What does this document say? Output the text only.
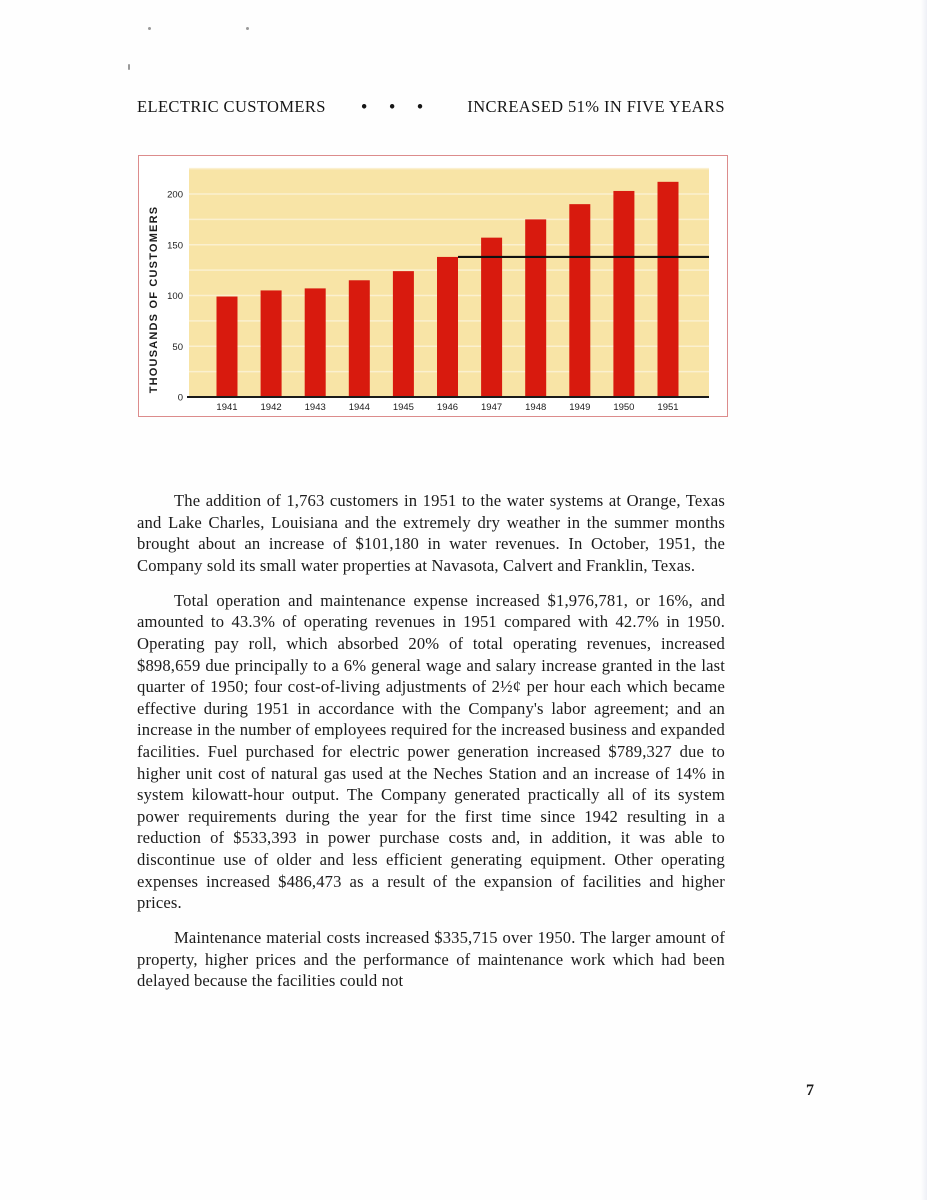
ELECTRIC CUSTOMERS • • • INCREASED 51% IN FIVE YEARS
1941 1942 1943 1944 1945 1946 1947 1948 1949 1950 1951
0
50
100
150
200
THOUSANDS OF CUSTOMERS

The addition of 1,763 customers in 1951 to the water systems at Orange, Texas and Lake Charles, Louisiana and the extremely dry weather in the summer months brought about an increase of $101,180 in water revenues. In October, 1951, the Company sold its small water properties at Navasota, Calvert and Franklin, Texas.

Total operation and maintenance expense increased $1,976,781, or 16%, and amounted to 43.3% of operating revenues in 1951 compared with 42.7% in 1950. Operating pay roll, which absorbed 20% of total operating revenues, increased $898,659 due principally to a 6% general wage and salary increase granted in the last quarter of 1950; four cost-of-living adjustments of 2½¢ per hour each which became effective during 1951 in accordance with the Company's labor agreement; and an increase in the number of employees required for the increased business and expanded facilities. Fuel purchased for electric power generation increased $789,327 due to higher unit cost of natural gas used at the Neches Station and an increase of 14% in system kilowatt-hour output. The Company generated practically all of its system power requirements during the year for the first time since 1942 resulting in a reduction of $533,393 in power purchase costs and, in addition, it was able to discontinue use of older and less efficient generating equipment. Other operating expenses increased $486,473 as a result of the expansion of facilities and higher prices.

Maintenance material costs increased $335,715 over 1950. The larger amount of property, higher prices and the performance of maintenance work which had been delayed because the facilities could not

7
